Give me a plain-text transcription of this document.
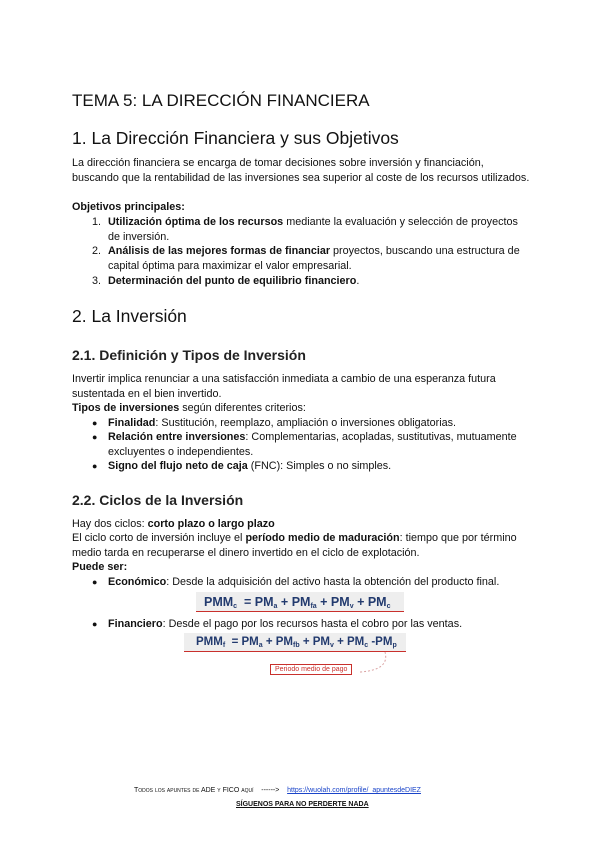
TEMA 5: LA DIRECCIÓN FINANCIERA
1. La Dirección Financiera y sus Objetivos
La dirección financiera se encarga de tomar decisiones sobre inversión y financiación, buscando que la rentabilidad de las inversiones sea superior al coste de los recursos utilizados.
Objetivos principales:
1. Utilización óptima de los recursos mediante la evaluación y selección de proyectos de inversión.
2. Análisis de las mejores formas de financiar proyectos, buscando una estructura de capital óptima para maximizar el valor empresarial.
3. Determinación del punto de equilibrio financiero.
2. La Inversión
2.1. Definición y Tipos de Inversión
Invertir implica renunciar a una satisfacción inmediata a cambio de una esperanza futura sustentada en el bien invertido.
Tipos de inversiones según diferentes criterios:
● Finalidad: Sustitución, reemplazo, ampliación o inversiones obligatorias.
● Relación entre inversiones: Complementarias, acopladas, sustitutivas, mutuamente excluyentes o independientes.
● Signo del flujo neto de caja (FNC): Simples o no simples.
2.2. Ciclos de la Inversión
Hay dos ciclos: corto plazo o largo plazo
El ciclo corto de inversión incluye el período medio de maduración: tiempo que por término medio tarda en recuperarse el dinero invertido en el ciclo de explotación.
Puede ser:
● Económico: Desde la adquisición del activo hasta la obtención del producto final.
$PMM_c = PM_a + PM_{fa} + PM_v + PM_c$
● Financiero: Desde el pago por los recursos hasta el cobro por las ventas.
$PMM_f = PM_a + PM_{fb} + PM_v + PM_c$ $-PM_p$
Periodo medio de pago
Todos los apuntes de ADE y FICO aquí ------> https://wuolah.com/profile/_apuntesdeDIEZ
SÍGUENOS PARA NO PERDERTE NADA
